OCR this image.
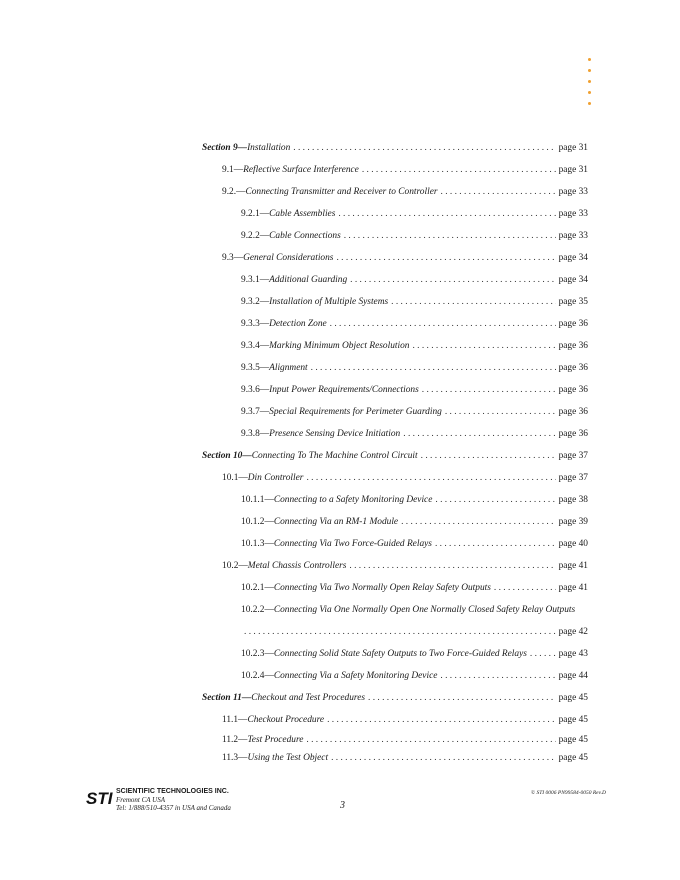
Section 9— Installation . . .	page 31
9.1— Reflective Surface Interference . . .	page 31
9.2.— Connecting Transmitter and Receiver to Controller . . .	page 33
9.2.1— Cable Assemblies . . .	page 33
9.2.2— Cable Connections . . .	page 33
9.3— General Considerations . . .	page 34
9.3.1— Additional Guarding . . .	page 34
9.3.2— Installation of Multiple Systems . . .	page 35
9.3.3— Detection Zone . . .	page 36
9.3.4— Marking Minimum Object Resolution . . .	page 36
9.3.5— Alignment . . .	page 36
9.3.6— Input Power Requirements/Connections . . .	page 36
9.3.7— Special Requirements for Perimeter Guarding . . .	page 36
9.3.8— Presence Sensing Device Initiation . . .	page 36
Section 10— Connecting To The Machine Control Circuit . . .	page 37
10.1— Din Controller . . .	page 37
10.1.1— Connecting to a Safety Monitoring Device . . .	page 38
10.1.2— Connecting Via an RM-1 Module . . .	page 39
10.1.3— Connecting Via Two Force-Guided Relays . . .	page 40
10.2— Metal Chassis Controllers . . .	page 41
10.2.1— Connecting Via Two Normally Open Relay Safety Outputs . . .	page 41
10.2.2— Connecting Via One Normally Open One Normally Closed Safety Relay Outputs
. . .
page 42
10.2.3— Connecting Solid State Safety Outputs to Two Force-Guided Relays . . .	page 43
10.2.4— Connecting Via a Safety Monitoring Device . . .	page 44
Section 11— Checkout and Test Procedures . . .	page 45
11.1— Checkout Procedure . . .	page 45
11.2— Test Procedure . . .	page 45
11.3— Using the Test Object . . .	page 45
STI SCIENTIFIC TECHNOLOGIES INC.
Fremont CA USA
Tel: 1/888/510-4357 in USA and Canada	3
© STI 0006 PN99584-0050 Rev.D
